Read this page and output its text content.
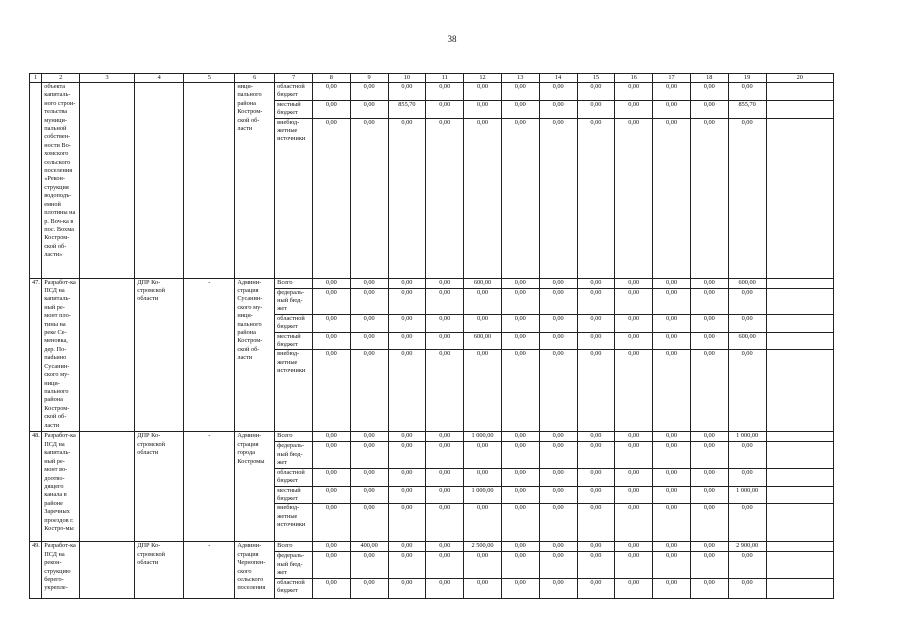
38
1	2	3	4	5	6	7	8	9	10	11	12	13	14	15	16	17	18	19	20
	объекта капиталь-ного строи-тельства муници-пальной собствен-ности Во-хомского сельского поселения «Рекон-струкция водоподъ-емной плотины на р. Воч-ка в пос. Вохма Костром-ской об-ласти»				ници-пального района Костром-ской об-ласти	областной бюджет	0,00	0,00	0,00	0,00	0,00	0,00	0,00	0,00	0,00	0,00	0,00	0,00	
						местный бюджет	0,00	0,00	855,70	0,00	0,00	0,00	0,00	0,00	0,00	0,00	0,00	855,70	
						внебюд-жетные источники	0,00	0,00	0,00	0,00	0,00	0,00	0,00	0,00	0,00	0,00	0,00	0,00	
47.	Разработ-ка ПСД на капиталь-ный ре-монт пло-тины на реке Се-меновка, дер. По-пadьино Сусанин-ского му-ници-пального района Костром-ской об-ласти		ДПР Ко-стромской области	-	Админи-страция Сусанин-ского му-ници-пального района Костром-ской об-ласти	Всего	0,00	0,00	0,00	0,00	600,00	0,00	0,00	0,00	0,00	0,00	0,00	600,00	
						федераль-ный бюд-жет	0,00	0,00	0,00	0,00	0,00	0,00	0,00	0,00	0,00	0,00	0,00	0,00	
						областной бюджет	0,00	0,00	0,00	0,00	0,00	0,00	0,00	0,00	0,00	0,00	0,00	0,00	
						местный бюджет	0,00	0,00	0,00	0,00	600,00	0,00	0,00	0,00	0,00	0,00	0,00	600,00	
						внебюд-жетные источники	0,00	0,00	0,00	0,00	0,00	0,00	0,00	0,00	0,00	0,00	0,00	0,00	
48.	Разработ-ка ПСД на капиталь-ный ре-монт во-доотво-дящего канала в районе Заречных проездов г. Костро-мы		ДПР Ко-стромской области	-	Админи-страция города Костромы	Всего	0,00	0,00	0,00	0,00	1 000,00	0,00	0,00	0,00	0,00	0,00	0,00	1 000,00	
						федераль-ный бюд-жет	0,00	0,00	0,00	0,00	0,00	0,00	0,00	0,00	0,00	0,00	0,00	0,00	
						областной бюджет	0,00	0,00	0,00	0,00	0,00	0,00	0,00	0,00	0,00	0,00	0,00	0,00	
						местный бюджет	0,00	0,00	0,00	0,00	1 000,00	0,00	0,00	0,00	0,00	0,00	0,00	1 000,00	
						внебюд-жетные источники	0,00	0,00	0,00	0,00	0,00	0,00	0,00	0,00	0,00	0,00	0,00	0,00	
49.	Разработ-ка ПСД на рекон-струкцию берего-укрепле-		ДПР Ко-стромской области	-	Админи-страция Чернопен-ского сельского поселения	Всего	0,00	400,00	0,00	0,00	2 500,00	0,00	0,00	0,00	0,00	0,00	0,00	2 900,00	
						федераль-ный бюд-жет	0,00	0,00	0,00	0,00	0,00	0,00	0,00	0,00	0,00	0,00	0,00	0,00	
						областной бюджет	0,00	0,00	0,00	0,00	0,00	0,00	0,00	0,00	0,00	0,00	0,00	0,00	
